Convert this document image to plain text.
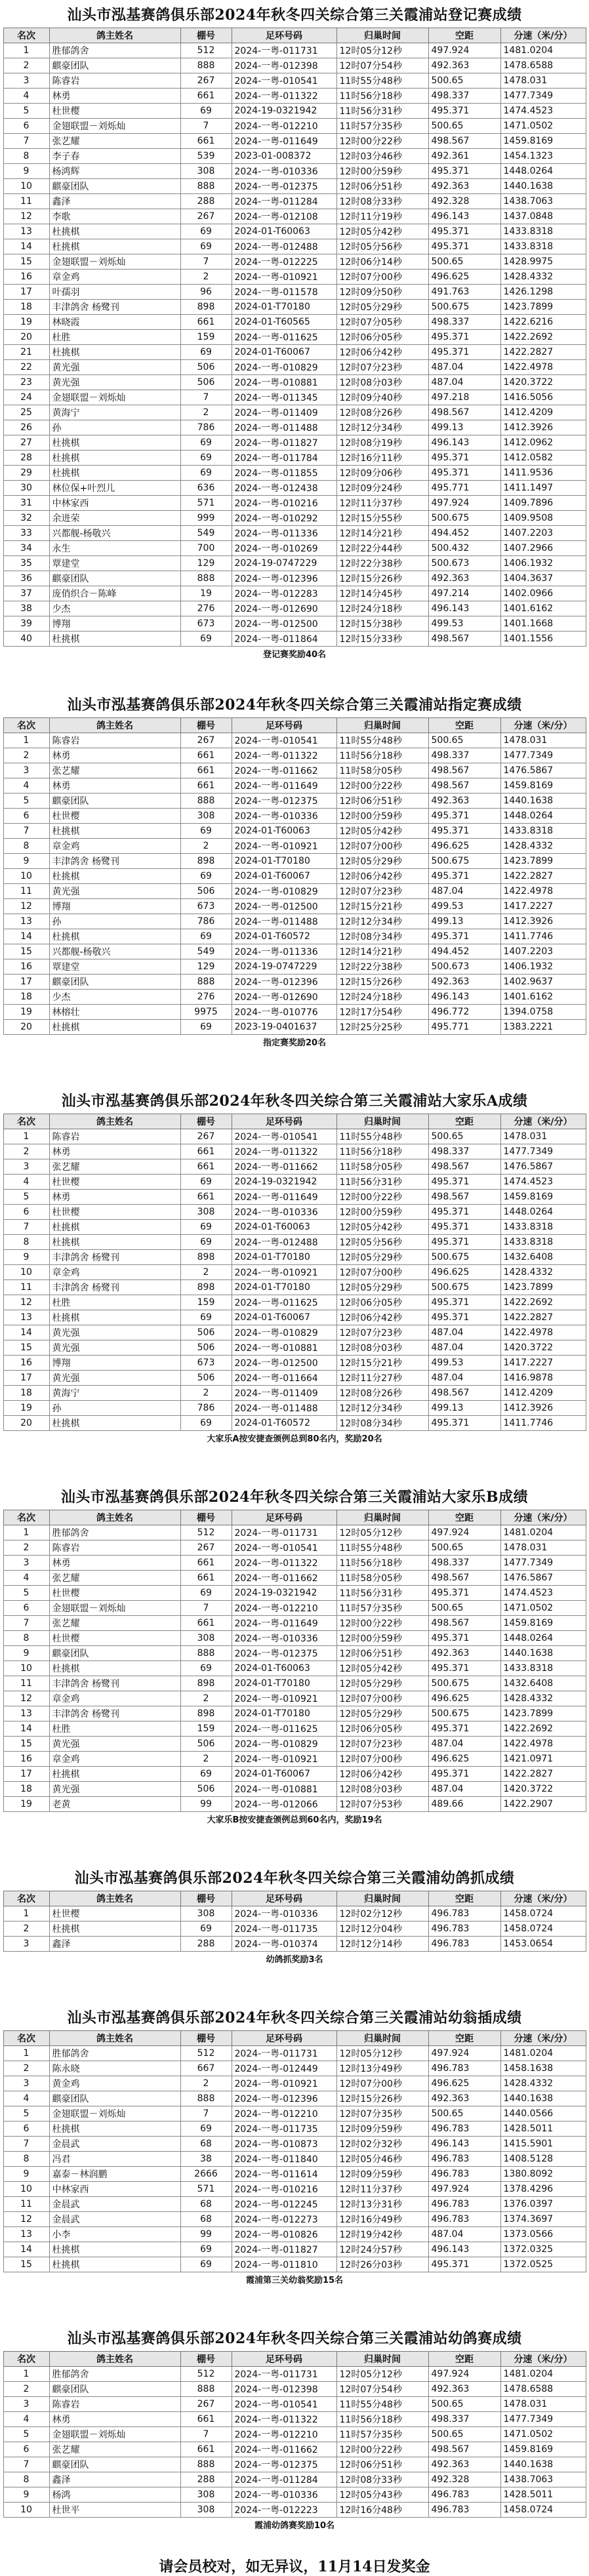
汕头市泓基赛鸽俱乐部2024年秋冬四关综合第三关霞浦站登记赛成绩
名次	鸽主姓名	棚号	足环号码	归巢时间	空距	分速（米/分）
1	胜郁鸽舍	512	2024-一粤-011731	12时05分12秒	497.924	1481.0204
2	麒豪团队	888	2024-一粤-012398	12时07分54秒	492.363	1478.6588
3	陈睿岩	267	2024-一粤-010541	11时55分48秒	500.65	1478.031
4	林勇	661	2024-一粤-011322	11时56分18秒	498.337	1477.7349
5	杜世樱	69	2024-19-0321942	11时56分31秒	495.371	1474.4523
6	金翅联盟－刘烁灿	7	2024-一粤-012210	11时57分35秒	500.65	1471.0502
7	张艺耀	661	2024-一粤-011649	12时00分22秒	498.567	1459.8169
8	李子春	539	2023-01-008372	12时03分46秒	492.361	1454.1323
9	杨鸿辉	308	2024-一粤-010336	12时00分59秒	495.371	1448.0264
10	麒豪团队	888	2024-一粤-012375	12时06分51秒	492.363	1440.1638
11	鑫泽	288	2024-一粤-011284	12时08分33秒	492.328	1438.7063
12	李歌	267	2024-一粤-012108	12时11分19秒	496.143	1437.0848
13	杜挑棋	69	2024-01-T60063	12时05分42秒	495.371	1433.8318
14	杜挑棋	69	2024-一粤-012488	12时05分56秒	495.371	1433.8318
15	金翅联盟－刘烁灿	7	2024-一粤-012225	12时06分14秒	500.65	1428.9975
16	章金鸡	2	2024-一粤-010921	12时07分00秒	496.625	1428.4332
17	叶孺羽	96	2024-一粤-011578	12时09分50秒	491.763	1426.1298
18	丰津鸽舍 杨鹭刊	898	2024-01-T70180	12时05分29秒	500.675	1423.7899
19	林晓霞	661	2024-01-T60565	12时07分05秒	498.337	1422.6216
20	杜胜	159	2024-一粤-011625	12时06分05秒	495.371	1422.2692
21	杜挑棋	69	2024-01-T60067	12时06分42秒	495.371	1422.2827
22	黄光强	506	2024-一粤-010829	12时07分23秒	487.04	1422.4978
23	黄光强	506	2024-一粤-010881	12时08分03秒	487.04	1420.3722
24	金翅联盟－刘烁灿	7	2024-一粤-011345	12时09分40秒	497.218	1416.5056
25	黄海宁	2	2024-一粤-011409	12时08分26秒	498.567	1412.4209
26	孙	786	2024-一粤-011488	12时12分34秒	499.13	1412.3926
27	杜挑棋	69	2024-一粤-011827	12时08分19秒	496.143	1412.0962
28	杜挑棋	69	2024-一粤-011784	12时16分11秒	495.371	1412.0582
29	杜挑棋	69	2024-一粤-011855	12时09分06秒	495.371	1411.9536
30	林位保+叶烈儿	636	2024-一粤-012438	12时09分24秒	495.771	1411.1497
31	中林家西	571	2024-一粤-010216	12时11分37秒	497.924	1409.7896
32	余进荣	999	2024-一粤-010292	12时15分55秒	500.675	1409.9508
33	兴都舰-杨敬兴	549	2024-一粤-011336	12时14分21秒	494.452	1407.2203
34	永生	700	2024-一粤-010269	12时22分44秒	500.432	1407.2966
35	覃建堂	129	2024-19-0747229	12时22分38秒	500.673	1406.1932
36	麒豪团队	888	2024-一粤-012396	12时15分26秒	492.363	1404.3637
37	庞俏织合－陈峰	19	2024-一粤-012283	12时14分45秒	497.214	1402.0966
38	少杰	276	2024-一粤-012690	12时24分18秒	496.143	1401.6162
39	博翔	673	2024-一粤-012500	12时15分38秒	499.53	1401.1668
40	杜挑棋	69	2024-一粤-011864	12时15分33秒	498.567	1401.1556
登记赛奖励40名
汕头市泓基赛鸽俱乐部2024年秋冬四关综合第三关霞浦站指定赛成绩
名次	鸽主姓名	棚号	足环号码	归巢时间	空距	分速（米/分）
1	陈睿岩	267	2024-一粤-010541	11时55分48秒	500.65	1478.031
2	林勇	661	2024-一粤-011322	11时56分18秒	498.337	1477.7349
3	张艺耀	661	2024-一粤-011662	11时58分05秒	498.567	1476.5867
4	林勇	661	2024-一粤-011649	12时00分22秒	498.567	1459.8169
5	麒豪团队	888	2024-一粤-012375	12时06分51秒	492.363	1440.1638
6	杜世樱	308	2024-一粤-010336	12时00分59秒	495.371	1448.0264
7	杜挑棋	69	2024-01-T60063	12时05分42秒	495.371	1433.8318
8	章金鸡	2	2024-一粤-010921	12时07分00秒	496.625	1428.4332
9	丰津鸽舍 杨鹭刊	898	2024-01-T70180	12时05分29秒	500.675	1423.7899
10	杜挑棋	69	2024-01-T60067	12时06分42秒	495.371	1422.2827
11	黄光强	506	2024-一粤-010829	12时07分23秒	487.04	1422.4978
12	博翔	673	2024-一粤-012500	12时15分21秒	499.53	1417.2227
13	孙	786	2024-一粤-011488	12时12分34秒	499.13	1412.3926
14	杜挑棋	69	2024-01-T60572	12时08分34秒	495.371	1411.7746
15	兴都舰-杨敬兴	549	2024-一粤-011336	12时14分21秒	494.452	1407.2203
16	覃建堂	129	2024-19-0747229	12时22分38秒	500.673	1406.1932
17	麒豪团队	888	2024-一粤-012396	12时15分26秒	492.363	1402.9637
18	少杰	276	2024-一粤-012690	12时24分18秒	496.143	1401.6162
19	林榕壮	9975	2024-一粤-010776	12时17分54秒	496.772	1394.0758
20	杜挑棋	69	2023-19-0401637	12时25分25秒	495.771	1383.2221
指定赛奖励20名
汕头市泓基赛鸽俱乐部2024年秋冬四关综合第三关霞浦站大家乐A成绩
名次	鸽主姓名	棚号	足环号码	归巢时间	空距	分速（米/分）
1	陈睿岩	267	2024-一粤-010541	11时55分48秒	500.65	1478.031
2	林勇	661	2024-一粤-011322	11时56分18秒	498.337	1477.7349
3	张艺耀	661	2024-一粤-011662	11时58分05秒	498.567	1476.5867
4	杜世樱	69	2024-19-0321942	11时56分31秒	495.371	1474.4523
5	林勇	661	2024-一粤-011649	12时00分22秒	498.567	1459.8169
6	杜世樱	308	2024-一粤-010336	12时00分59秒	495.371	1448.0264
7	杜挑棋	69	2024-01-T60063	12时05分42秒	495.371	1433.8318
8	杜挑棋	69	2024-一粤-012488	12时05分56秒	495.371	1433.8318
9	丰津鸽舍 杨鹭刊	898	2024-01-T70180	12时05分29秒	500.675	1432.6408
10	章金鸡	2	2024-一粤-010921	12时07分00秒	496.625	1428.4332
11	丰津鸽舍 杨鹭刊	898	2024-01-T70180	12时05分29秒	500.675	1423.7899
12	杜胜	159	2024-一粤-011625	12时06分05秒	495.371	1422.2692
13	杜挑棋	69	2024-01-T60067	12时06分42秒	495.371	1422.2827
14	黄光强	506	2024-一粤-010829	12时07分23秒	487.04	1422.4978
15	黄光强	506	2024-一粤-010881	12时08分03秒	487.04	1420.3722
16	博翔	673	2024-一粤-012500	12时15分21秒	499.53	1417.2227
17	黄光强	506	2024-一粤-011664	12时11分27秒	487.04	1416.9878
18	黄海宁	2	2024-一粤-011409	12时08分26秒	498.567	1412.4209
19	孙	786	2024-一粤-011488	12时12分34秒	499.13	1412.3926
20	杜挑棋	69	2024-01-T60572	12时08分34秒	495.371	1411.7746
大家乐A按安捷查颁例总到80名内，奖励20名
汕头市泓基赛鸽俱乐部2024年秋冬四关综合第三关霞浦站大家乐B成绩
名次	鸽主姓名	棚号	足环号码	归巢时间	空距	分速（米/分）
1	胜郁鸽舍	512	2024-一粤-011731	12时05分12秒	497.924	1481.0204
2	陈睿岩	267	2024-一粤-010541	11时55分48秒	500.65	1478.031
3	林勇	661	2024-一粤-011322	11时56分18秒	498.337	1477.7349
4	张艺耀	661	2024-一粤-011662	11时58分05秒	498.567	1476.5867
5	杜世樱	69	2024-19-0321942	11时56分31秒	495.371	1474.4523
6	金翅联盟－刘烁灿	7	2024-一粤-012210	11时57分35秒	500.65	1471.0502
7	张艺耀	661	2024-一粤-011649	12时00分22秒	498.567	1459.8169
8	杜世樱	308	2024-一粤-010336	12时00分59秒	495.371	1448.0264
9	麒豪团队	888	2024-一粤-012375	12时06分51秒	492.363	1440.1638
10	杜挑棋	69	2024-01-T60063	12时05分42秒	495.371	1433.8318
11	丰津鸽舍 杨鹭刊	898	2024-01-T70180	12时05分29秒	500.675	1432.6408
12	章金鸡	2	2024-一粤-010921	12时07分00秒	496.625	1428.4332
13	丰津鸽舍 杨鹭刊	898	2024-01-T70180	12时05分29秒	500.675	1423.7899
14	杜胜	159	2024-一粤-011625	12时06分05秒	495.371	1422.2692
15	黄光强	506	2024-一粤-010829	12时07分23秒	487.04	1422.4978
16	章金鸡	2	2024-一粤-010921	12时07分00秒	496.625	1421.0971
17	杜挑棋	69	2024-01-T60067	12时06分42秒	495.371	1422.2827
18	黄光强	506	2024-一粤-010881	12时08分03秒	487.04	1420.3722
19	老黄	99	2024-一粤-012066	12时07分53秒	489.66	1422.2907
大家乐B按安捷查颁例总到60名内，奖励19名
汕头市泓基赛鸽俱乐部2024年秋冬四关综合第三关霞浦幼鸽抓成绩
名次	鸽主姓名	棚号	足环号码	归巢时间	空距	分速（米/分）
1	杜世樱	308	2024-一粤-010336	12时02分12秒	496.783	1458.0724
2	杜挑棋	69	2024-一粤-011735	12时12分04秒	496.783	1458.0724
3	鑫泽	288	2024-一粤-010374	12时12分14秒	496.783	1453.0654
幼鸽抓奖励3名
汕头市泓基赛鸽俱乐部2024年秋冬四关综合第三关霞浦站幼翁插成绩
名次	鸽主姓名	棚号	足环号码	归巢时间	空距	分速（米/分）
1	胜郁鸽舍	512	2024-一粤-011731	12时05分12秒	497.924	1481.0204
2	陈永晓	667	2024-一粤-012449	12时13分49秒	496.783	1458.1638
3	黄金鸡	2	2024-一粤-010921	12时07分00秒	496.625	1428.4332
4	麒豪团队	888	2024-一粤-012396	12时15分26秒	492.363	1440.1638
5	金翅联盟－刘烁灿	7	2024-一粤-012210	12时07分35秒	500.65	1440.0566
6	杜挑棋	69	2024-一粤-011735	12时09分59秒	496.783	1428.5011
7	金晨武	68	2024-一粤-010873	12时02分32秒	496.143	1415.5901
8	冯君	38	2024-一粤-011840	12时05分46秒	496.783	1408.5128
9	嘉泰－林润鹏	2666	2024-一粤-011614	12时09分59秒	496.783	1380.8092
10	中林家西	571	2024-一粤-010216	12时11分37秒	497.924	1378.4296
11	金晨武	68	2024-一粤-012245	12时13分31秒	496.783	1376.0397
12	金晨武	68	2024-一粤-012273	12时16分49秒	496.783	1374.3697
13	小李	99	2024-一粤-010826	12时19分42秒	487.04	1373.0566
14	杜挑棋	69	2024-一粤-011827	12时24分57秒	496.143	1372.0325
15	杜挑棋	69	2024-一粤-011810	12时26分03秒	495.371	1372.0525
霞浦第三关幼翁奖励15名
汕头市泓基赛鸽俱乐部2024年秋冬四关综合第三关霞浦站幼鸽赛成绩
名次	鸽主姓名	棚号	足环号码	归巢时间	空距	分速（米/分）
1	胜郁鸽舍	512	2024-一粤-011731	12时05分12秒	497.924	1481.0204
2	麒豪团队	888	2024-一粤-012398	12时07分54秒	492.363	1478.6588
3	陈睿岩	267	2024-一粤-010541	11时55分48秒	500.65	1478.031
4	林勇	661	2024-一粤-011322	11时56分18秒	498.337	1477.7349
5	金翅联盟－刘烁灿	7	2024-一粤-012210	11时57分35秒	500.65	1471.0502
6	张艺耀	661	2024-一粤-011662	12时00分22秒	498.567	1459.8169
7	麒豪团队	888	2024-一粤-012375	12时06分51秒	492.363	1440.1638
8	鑫泽	288	2024-一粤-011284	12时08分33秒	492.328	1438.7063
9	杨鸿	308	2024-一粤-010336	12时05分43秒	496.783	1428.5011
10	杜世平	308	2024-一粤-012223	12时16分48秒	496.783	1458.0724
霞浦幼鸽赛奖励10名
请会员校对，如无异议，11月14日发奖金
